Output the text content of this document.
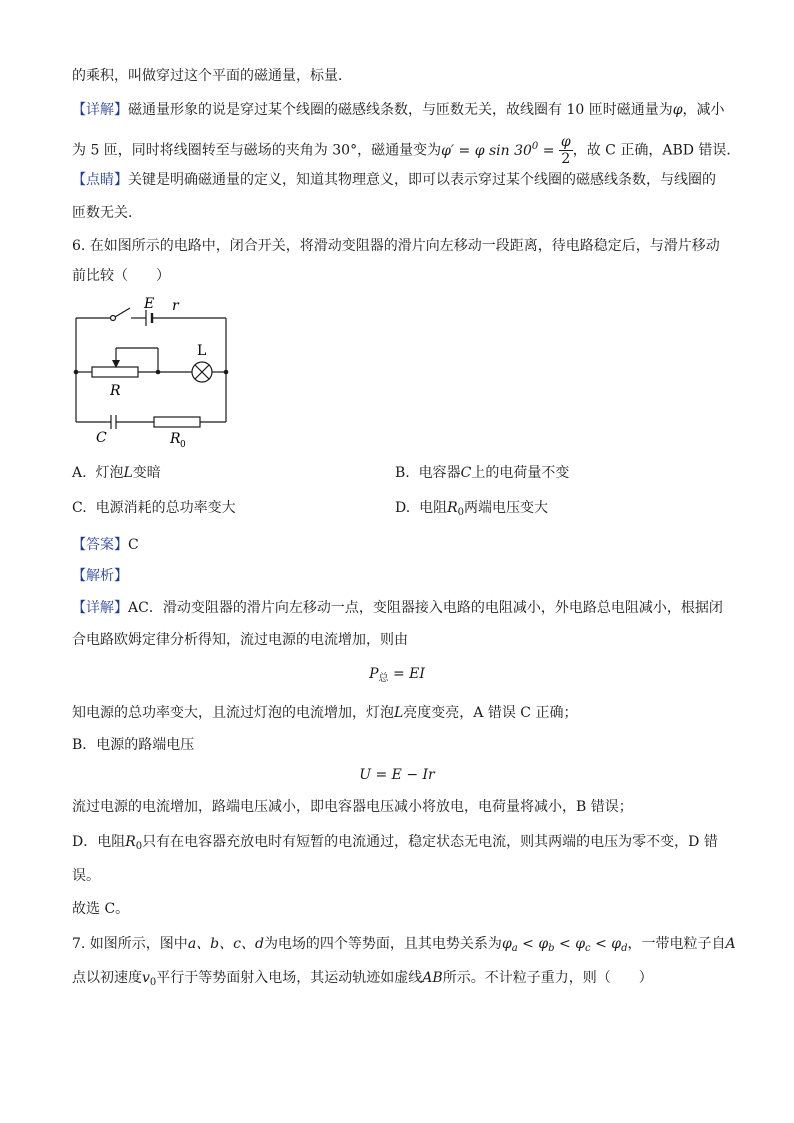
的乘积，叫做穿过这个平面的磁通量，标量．
【详解】磁通量形象的说是穿过某个线圈的磁感线条数，与匝数无关，故线圈有 10 匝时磁通量为φ，减小
为 5 匝，同时将线圈转至与磁场的夹角为 30°，磁通量变为φ′ = φ $\sin 30^0 = \frac{\varphi}{2}$ ，故 C 正确，ABD 错误．
【点睛】关键是明确磁通量的定义，知道其物理意义，即可以表示穿过某个线圈的磁感线条数，与线圈的
匝数无关．
6. 在如图所示的电路中，闭合开关，将滑动变阻器的滑片向左移动一段距离，待电路稳定后，与滑片移动
前比较（　　）
E r
L
R
C	R 0
A. 灯泡L变暗	B. 电容器C上的电荷量不变
C. 电源消耗的总功率变大	D. 电阻$R_0$两端电压变大
【答案】C
【解析】
【详解】AC．滑动变阻器的滑片向左移动一点，变阻器接入电路的电阻减小，外电路总电阻减小，根据闭
合电路欧姆定律分析得知，流过电源的电流增加，则由
$P_总$ = EI
知电源的总功率变大，且流过灯泡的电流增加，灯泡L亮度变亮，A 错误 C 正确；
B．电源的路端电压
U = E − Ir
流过电源的电流增加，路端电压减小，即电容器电压减小将放电，电荷量将减小，B 错误；
D．电阻$R_0$只有在电容器充放电时有短暂的电流通过，稳定状态无电流，则其两端的电压为零不变，D 错
误。
故选 C。
7. 如图所示，图中a、b、c、d为电场的四个等势面，且其电势关系为$\varphi_a < \varphi_b < \varphi_c < \varphi_d$，一带电粒子自A
点以初速度$v_0$平行于等势面射入电场，其运动轨迹如虚线AB所示。不计粒子重力，则（　　）
